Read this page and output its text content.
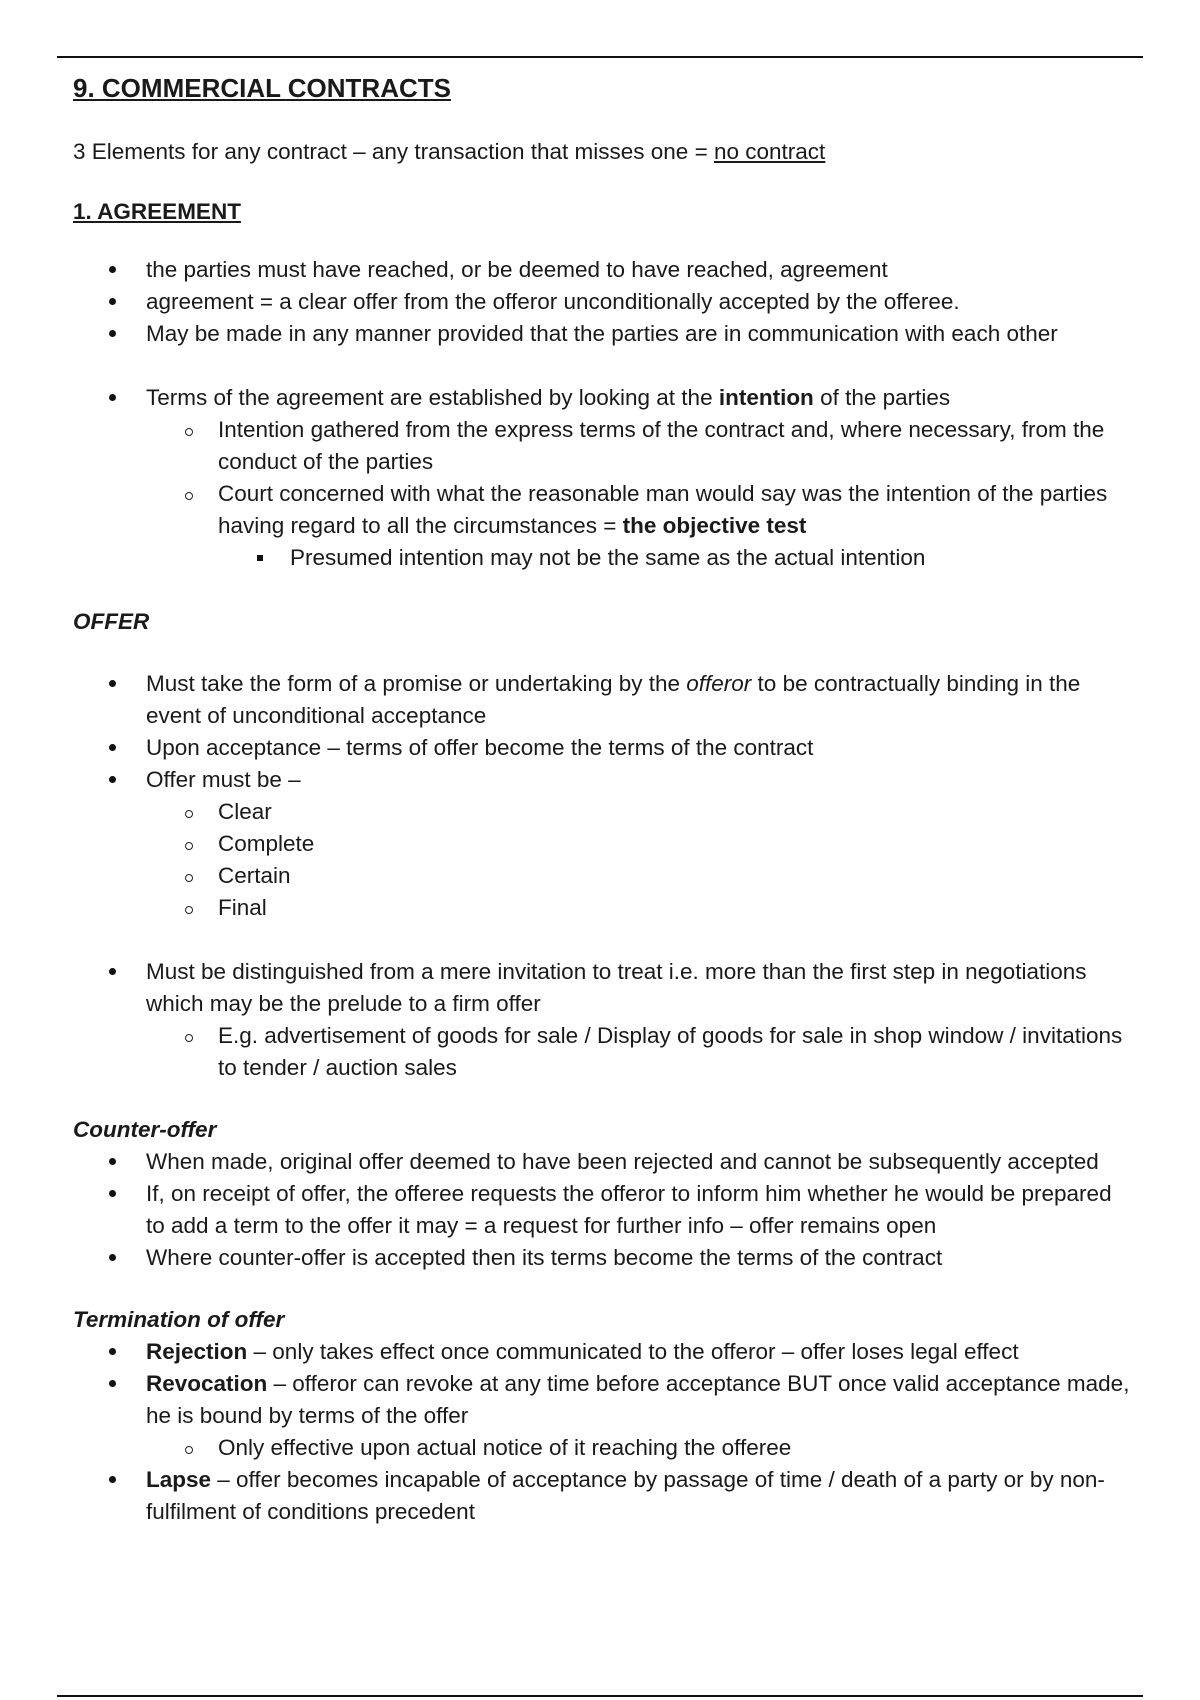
9. COMMERCIAL CONTRACTS

3 Elements for any contract – any transaction that misses one = no contract

1. AGREEMENT
the parties must have reached, or be deemed to have reached, agreement
agreement = a clear offer from the offeror unconditionally accepted by the offeree.
May be made in any manner provided that the parties are in communication with each other
Terms of the agreement are established by looking at the intention of the parties
Intention gathered from the express terms of the contract and, where necessary, from the conduct of the parties
Court concerned with what the reasonable man would say was the intention of the parties having regard to all the circumstances = the objective test
Presumed intention may not be the same as the actual intention
OFFER
Must take the form of a promise or undertaking by the offeror to be contractually binding in the event of unconditional acceptance
Upon acceptance – terms of offer become the terms of the contract
Offer must be –
Clear
Complete
Certain
Final
Must be distinguished from a mere invitation to treat i.e. more than the first step in negotiations which may be the prelude to a firm offer
E.g. advertisement of goods for sale / Display of goods for sale in shop window / invitations to tender / auction sales
Counter-offer
When made, original offer deemed to have been rejected and cannot be subsequently accepted
If, on receipt of offer, the offeree requests the offeror to inform him whether he would be prepared to add a term to the offer it may = a request for further info – offer remains open
Where counter-offer is accepted then its terms become the terms of the contract
Termination of offer
Rejection – only takes effect once communicated to the offeror – offer loses legal effect
Revocation – offeror can revoke at any time before acceptance BUT once valid acceptance made, he is bound by terms of the offer
Only effective upon actual notice of it reaching the offeree
Lapse – offer becomes incapable of acceptance by passage of time / death of a party or by non-fulfilment of conditions precedent
